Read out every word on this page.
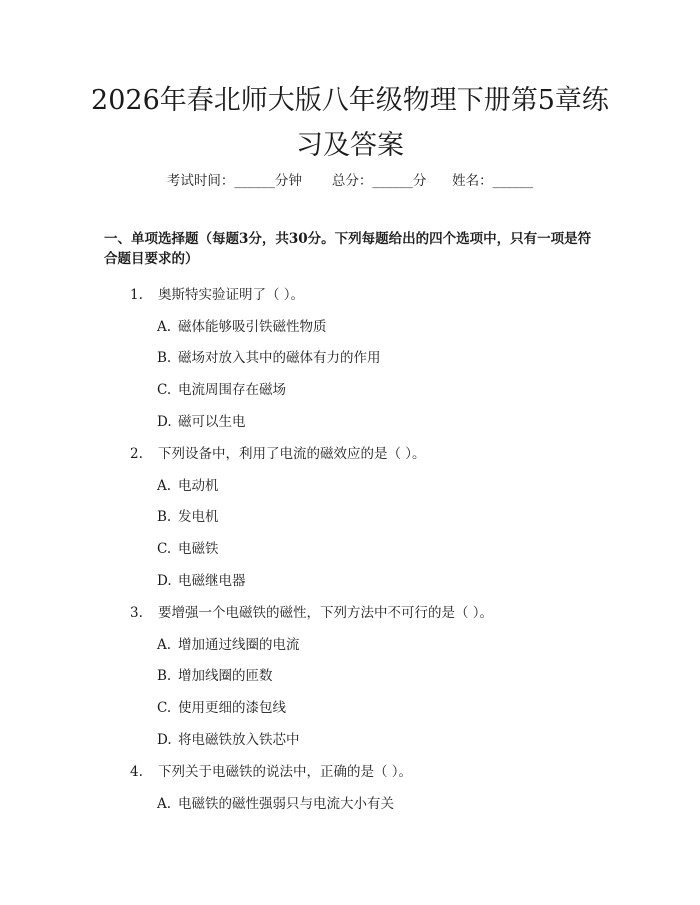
2026年春北师大版八年级物理下册第5章练习及答案
考试时间：______分钟 总分：______分 姓名：______

一、单项选择题（每题3分，共30分。下列每题给出的四个选项中，只有一项是符合题目要求的）

1. 奥斯特实验证明了（ ）。
A. 磁体能够吸引铁磁性物质
B. 磁场对放入其中的磁体有力的作用
C. 电流周围存在磁场
D. 磁可以生电
2. 下列设备中，利用了电流的磁效应的是（ ）。
A. 电动机
B. 发电机
C. 电磁铁
D. 电磁继电器
3. 要增强一个电磁铁的磁性，下列方法中不可行的是（ ）。
A. 增加通过线圈的电流
B. 增加线圈的匝数
C. 使用更细的漆包线
D. 将电磁铁放入铁芯中
4. 下列关于电磁铁的说法中，正确的是（ ）。
A. 电磁铁的磁性强弱只与电流大小有关
